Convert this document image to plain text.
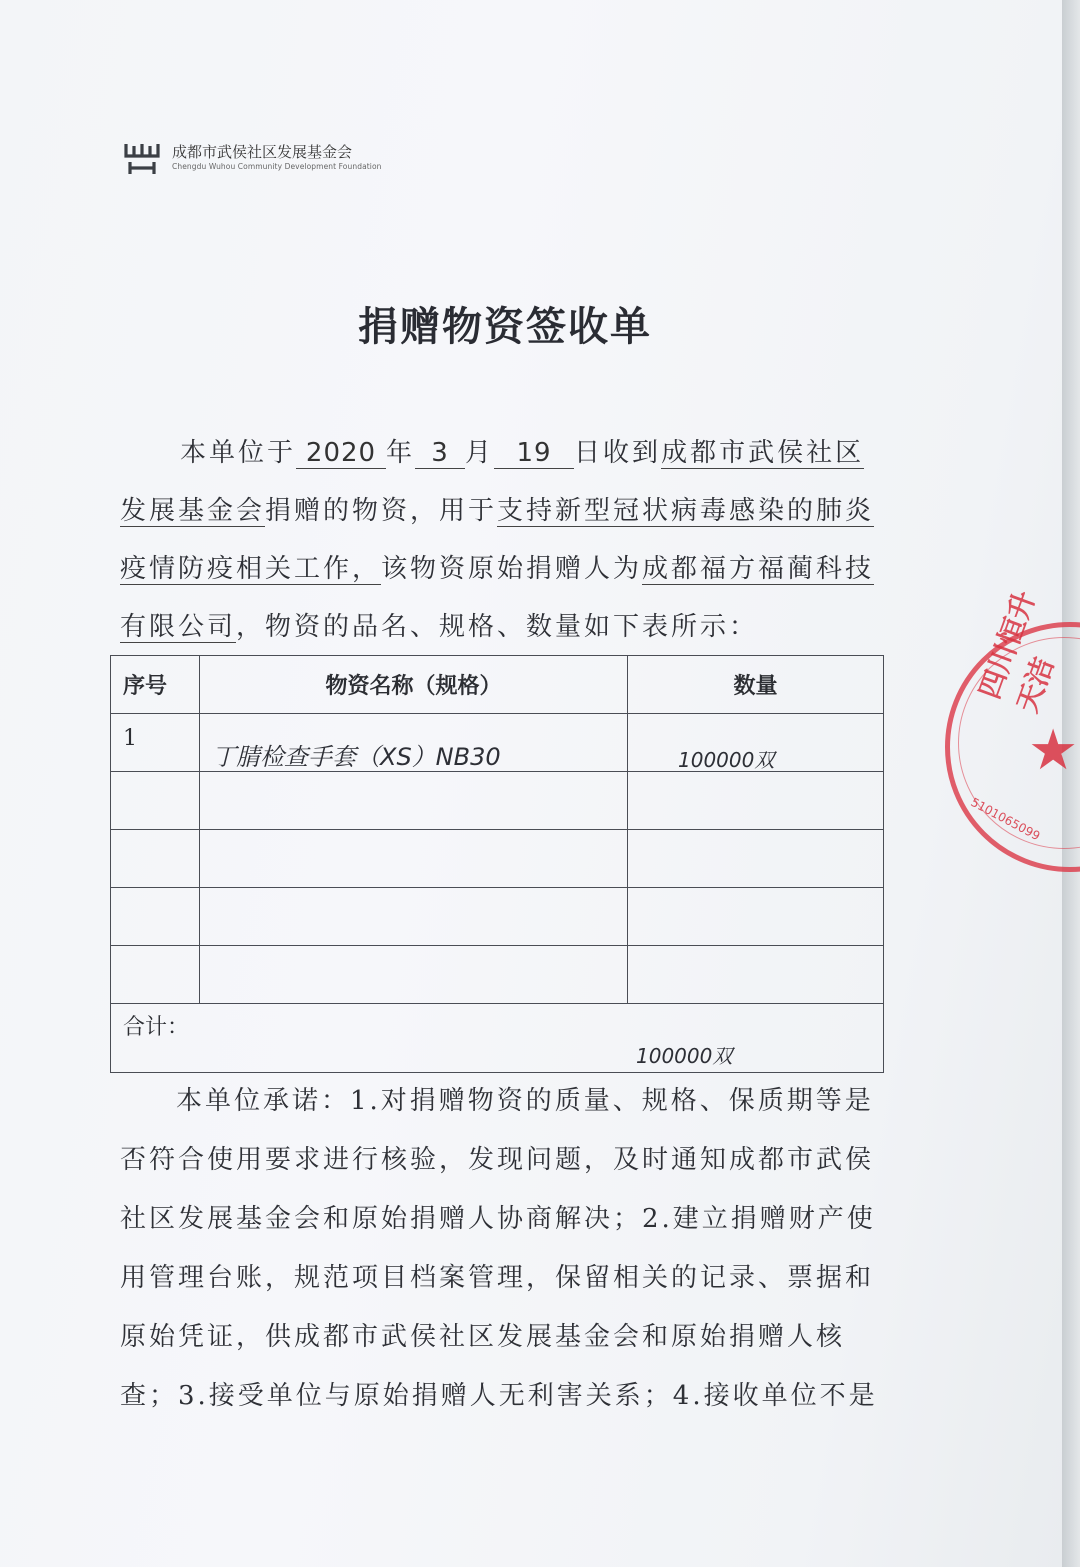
成都市武侯社区发展基金会
Chengdu Wuhou Community Development Foundation
捐赠物资签收单
本单位于 2020 年 3 月 19 日收到成都市武侯社区
发展基金会捐赠的物资，用于支持新型冠状病毒感染的肺炎
疫情防疫相关工作，该物资原始捐赠人为成都福方福蔺科技
有限公司，物资的品名、规格、数量如下表所示：
序号	物资名称（规格）	数量
1	丁腈检查手套（XS）NB30	100000双

合计：		
100000双
四川恒升天洁
★
5101065099
本单位承诺：1.对捐赠物资的质量、规格、保质期等是
否符合使用要求进行核验，发现问题，及时通知成都市武侯
社区发展基金会和原始捐赠人协商解决；2.建立捐赠财产使
用管理台账，规范项目档案管理，保留相关的记录、票据和
原始凭证，供成都市武侯社区发展基金会和原始捐赠人核
查；3.接受单位与原始捐赠人无利害关系；4.接收单位不是
